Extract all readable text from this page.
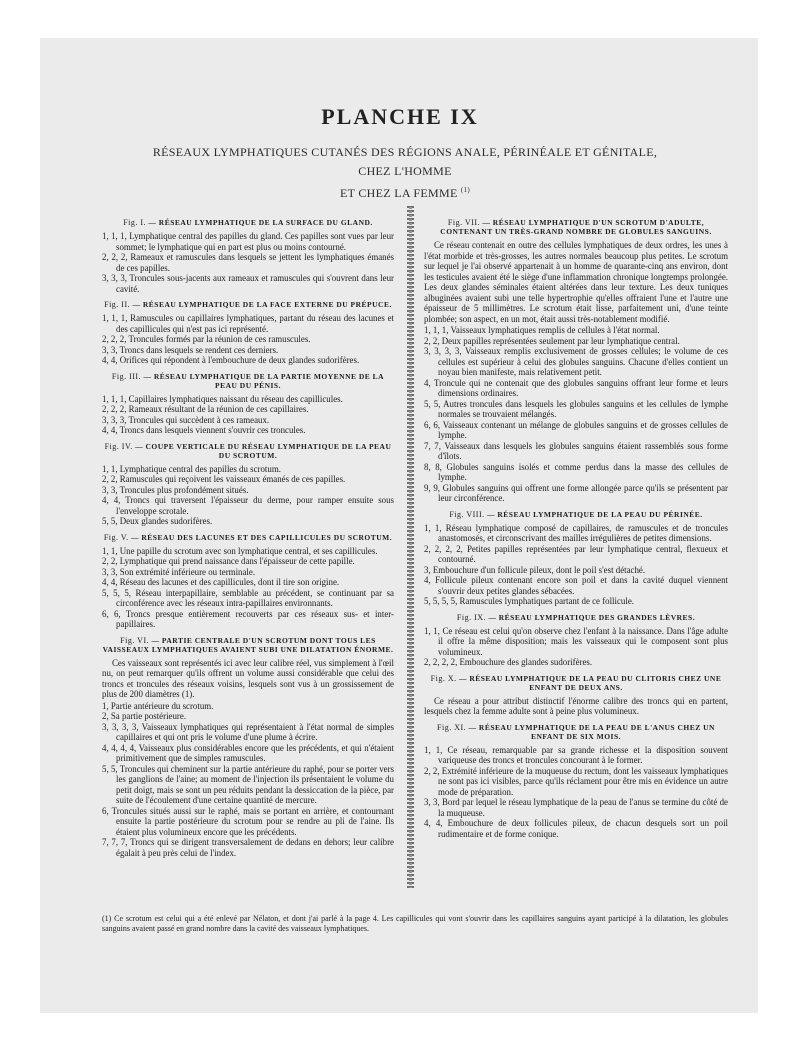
PLANCHE IX
RÉSEAUX LYMPHATIQUES CUTANÉS DES RÉGIONS ANALE, PÉRINÉALE ET GÉNITALE, CHEZ L'HOMME
ET CHEZ LA FEMME $^{(1)}$
Fig. I. — RÉSEAU LYMPHATIQUE DE LA SURFACE DU GLAND.

1, 1, 1, Lymphatique central des papilles du gland. Ces papilles sont vues par leur sommet; le lymphatique qui en part est plus ou moins contourné.

2, 2, 2, Rameaux et ramuscules dans lesquels se jettent les lymphatiques émanés de ces papilles.

3, 3, 3, Troncules sous-jacents aux rameaux et ramuscules qui s'ouvrent dans leur cavité.

Fig. II. — RÉSEAU LYMPHATIQUE DE LA FACE EXTERNE DU PRÉPUCE.

1, 1, 1, Ramuscules ou capillaires lymphatiques, partant du réseau des lacunes et des capillicules qui n'est pas ici représenté.

2, 2, 2, Troncules formés par la réunion de ces ramuscules.

3, 3, Troncs dans lesquels se rendent ces derniers.

4, 4, Orifices qui répondent à l'embouchure de deux glandes sudorifères.

Fig. III. — RÉSEAU LYMPHATIQUE DE LA PARTIE MOYENNE DE LA PEAU DU PÉNIS.

1, 1, 1, Capillaires lymphatiques naissant du réseau des capillicules.

2, 2, 2, Rameaux résultant de la réunion de ces capillaires.

3, 3, 3, Troncules qui succèdent à ces rameaux.

4, 4, Troncs dans lesquels viennent s'ouvrir ces troncules.

Fig. IV. — COUPE VERTICALE DU RÉSEAU LYMPHATIQUE DE LA PEAU DU SCROTUM.

1, 1, Lymphatique central des papilles du scrotum.

2, 2, Ramuscules qui reçoivent les vaisseaux émanés de ces papilles.

3, 3, Troncules plus profondément situés.

4, 4, Troncs qui traversent l'épaisseur du derme, pour ramper ensuite sous l'enveloppe scrotale.

5, 5, Deux glandes sudorifères.

Fig. V. — RÉSEAU DES LACUNES ET DES CAPILLICULES DU SCROTUM.

1, 1, Une papille du scrotum avec son lymphatique central, et ses capillicules.

2, 2, Lymphatique qui prend naissance dans l'épaisseur de cette papille.

3, 3, Son extrémité inférieure ou terminale.

4, 4, Réseau des lacunes et des capillicules, dont il tire son origine.

5, 5, 5, Réseau interpapillaire, semblable au précédent, se continuant par sa circonférence avec les réseaux intra-papillaires environnants.

6, 6, Troncs presque entièrement recouverts par ces réseaux sus- et inter-papillaires.

Fig. VI. — PARTIE CENTRALE D'UN SCROTUM DONT TOUS LES VAISSEAUX LYMPHATIQUES AVAIENT SUBI UNE DILATATION ÉNORME.

Ces vaisseaux sont représentés ici avec leur calibre réel, vus simplement à l'œil nu, on peut remarquer qu'ils offrent un volume aussi considérable que celui des troncs et troncules des réseaux voisins, lesquels sont vus à un grossissement de plus de 200 diamètres (1).

1, Partie antérieure du scrotum.

2, Sa partie postérieure.

3, 3, 3, 3, Vaisseaux lymphatiques qui représentaient à l'état normal de simples capillaires et qui ont pris le volume d'une plume à écrire.

4, 4, 4, 4, Vaisseaux plus considérables encore que les précédents, et qui n'étaient primitivement que de simples ramuscules.

5, 5, Troncules qui cheminent sur la partie antérieure du raphé, pour se porter vers les ganglions de l'aine; au moment de l'injection ils présentaient le volume du petit doigt, mais se sont un peu réduits pendant la dessiccation de la pièce, par suite de l'écoulement d'une certaine quantité de mercure.

6, Troncules situés aussi sur le raphé, mais se portant en arrière, et contournant ensuite la partie postérieure du scrotum pour se rendre au pli de l'aine. Ils étaient plus volumineux encore que les précédents.

7, 7, 7, Troncs qui se dirigent transversalement de dedans en dehors; leur calibre égalait à peu près celui de l'index.

Fig. VII. — RÉSEAU LYMPHATIQUE D'UN SCROTUM D'ADULTE, CONTENANT UN TRÈS-GRAND NOMBRE DE GLOBULES SANGUINS.

Ce réseau contenait en outre des cellules lymphatiques de deux ordres, les unes à l'état morbide et très-grosses, les autres normales beaucoup plus petites. Le scrotum sur lequel je l'ai observé appartenait à un homme de quarante-cinq ans environ, dont les testicules avaient été le siège d'une inflammation chronique longtemps prolongée. Les deux glandes séminales étaient altérées dans leur texture. Les deux tuniques albuginées avaient subi une telle hypertrophie qu'elles offraient l'une et l'autre une épaisseur de 5 millimètres. Le scrotum était lisse, parfaitement uni, d'une teinte plombée; son aspect, en un mot, était aussi très-notablement modifié.

1, 1, 1, Vaisseaux lymphatiques remplis de cellules à l'état normal.

2, 2, Deux papilles représentées seulement par leur lymphatique central.

3, 3, 3, 3, Vaisseaux remplis exclusivement de grosses cellules; le volume de ces cellules est supérieur à celui des globules sanguins. Chacune d'elles contient un noyau bien manifeste, mais relativement petit.

4, Troncule qui ne contenait que des globules sanguins offrant leur forme et leurs dimensions ordinaires.

5, 5, Autres troncules dans lesquels les globules sanguins et les cellules de lymphe normales se trouvaient mélangés.

6, 6, Vaisseaux contenant un mélange de globules sanguins et de grosses cellules de lymphe.

7, 7, Vaisseaux dans lesquels les globules sanguins étaient rassemblés sous forme d'îlots.

8, 8, Globules sanguins isolés et comme perdus dans la masse des cellules de lymphe.

9, 9, Globules sanguins qui offrent une forme allongée parce qu'ils se présentent par leur circonférence.

Fig. VIII. — RÉSEAU LYMPHATIQUE DE LA PEAU DU PÉRINÉE.

1, 1, Réseau lymphatique composé de capillaires, de ramuscules et de troncules anastomosés, et circonscrivant des mailles irrégulières de petites dimensions.

2, 2, 2, 2, Petites papilles représentées par leur lymphatique central, flexueux et contourné.

3, Embouchure d'un follicule pileux, dont le poil s'est détaché.

4, Follicule pileux contenant encore son poil et dans la cavité duquel viennent s'ouvrir deux petites glandes sébacées.

5, 5, 5, 5, Ramuscules lymphatiques partant de ce follicule.

Fig. IX. — RÉSEAU LYMPHATIQUE DES GRANDES LÈVRES.

1, 1, Ce réseau est celui qu'on observe chez l'enfant à la naissance. Dans l'âge adulte il offre la même disposition; mais les vaisseaux qui le composent sont plus volumineux.

2, 2, 2, 2, Embouchure des glandes sudorifères.

Fig. X. — RÉSEAU LYMPHATIQUE DE LA PEAU DU CLITORIS CHEZ UNE ENFANT DE DEUX ANS.

Ce réseau a pour attribut distinctif l'énorme calibre des troncs qui en partent, lesquels chez la femme adulte sont à peine plus volumineux.

Fig. XI. — RÉSEAU LYMPHATIQUE DE LA PEAU DE L'ANUS CHEZ UN ENFANT DE SIX MOIS.

1, 1, Ce réseau, remarquable par sa grande richesse et la disposition souvent variqueuse des troncs et troncules concourant à le former.

2, 2, Extrémité inférieure de la muqueuse du rectum, dont les vaisseaux lymphatiques ne sont pas ici visibles, parce qu'ils réclament pour être mis en évidence un autre mode de préparation.

3, 3, Bord par lequel le réseau lymphatique de la peau de l'anus se termine du côté de la muqueuse.

4, 4, Embouchure de deux follicules pileux, de chacun desquels sort un poil rudimentaire et de forme conique.

(1) Ce scrotum est celui qui a été enlevé par Nélaton, et dont j'ai parlé à la page 4. Les capillicules qui vont s'ouvrir dans les capillaires sanguins ayant participé à la dilatation, les globules sanguins avaient passé en grand nombre dans la cavité des vaisseaux lymphatiques.
